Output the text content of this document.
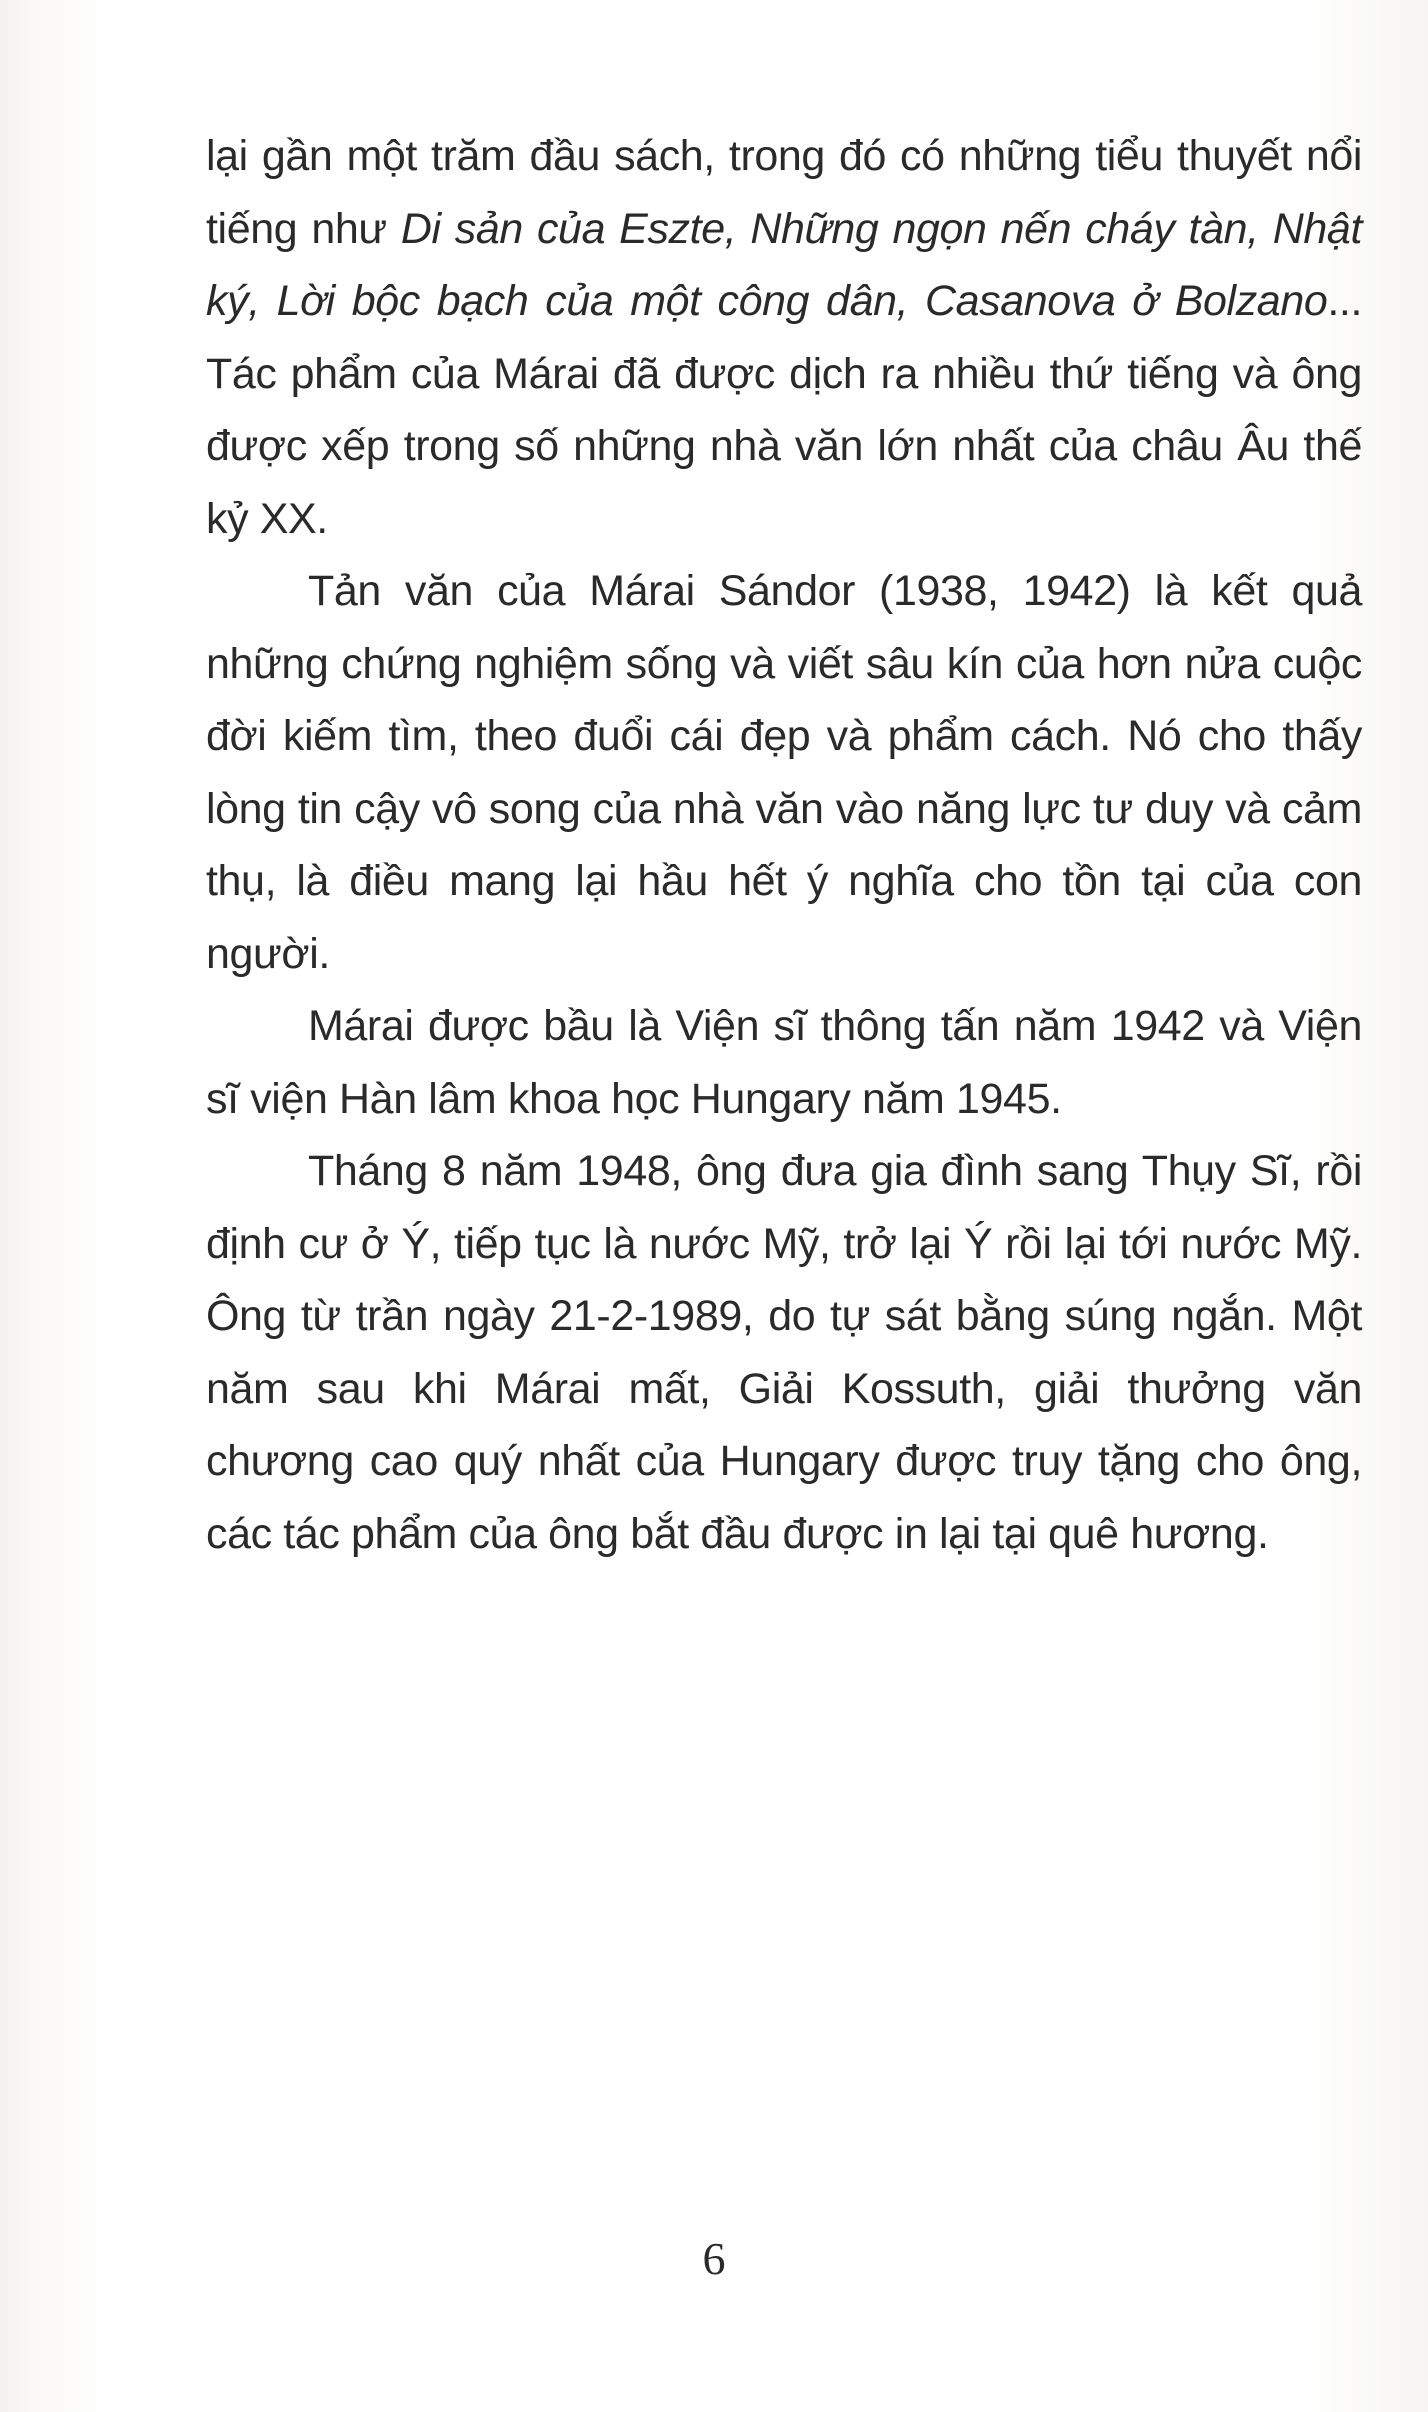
lại gần một trăm đầu sách, trong đó có những tiểu thuyết nổi tiếng như Di sản của Eszte, Những ngọn nến cháy tàn, Nhật ký, Lời bộc bạch của một công dân, Casanova ở Bolzano... Tác phẩm của Márai đã được dịch ra nhiều thứ tiếng và ông được xếp trong số những nhà văn lớn nhất của châu Âu thế kỷ XX.

Tản văn của Márai Sándor (1938, 1942) là kết quả những chứng nghiệm sống và viết sâu kín của hơn nửa cuộc đời kiếm tìm, theo đuổi cái đẹp và phẩm cách. Nó cho thấy lòng tin cậy vô song của nhà văn vào năng lực tư duy và cảm thụ, là điều mang lại hầu hết ý nghĩa cho tồn tại của con người.

Márai được bầu là Viện sĩ thông tấn năm 1942 và Viện sĩ viện Hàn lâm khoa học Hungary năm 1945.

Tháng 8 năm 1948, ông đưa gia đình sang Thụy Sĩ, rồi định cư ở Ý, tiếp tục là nước Mỹ, trở lại Ý rồi lại tới nước Mỹ. Ông từ trần ngày 21-2-1989, do tự sát bằng súng ngắn. Một năm sau khi Márai mất, Giải Kossuth, giải thưởng văn chương cao quý nhất của Hungary được truy tặng cho ông, các tác phẩm của ông bắt đầu được in lại tại quê hương.

6
